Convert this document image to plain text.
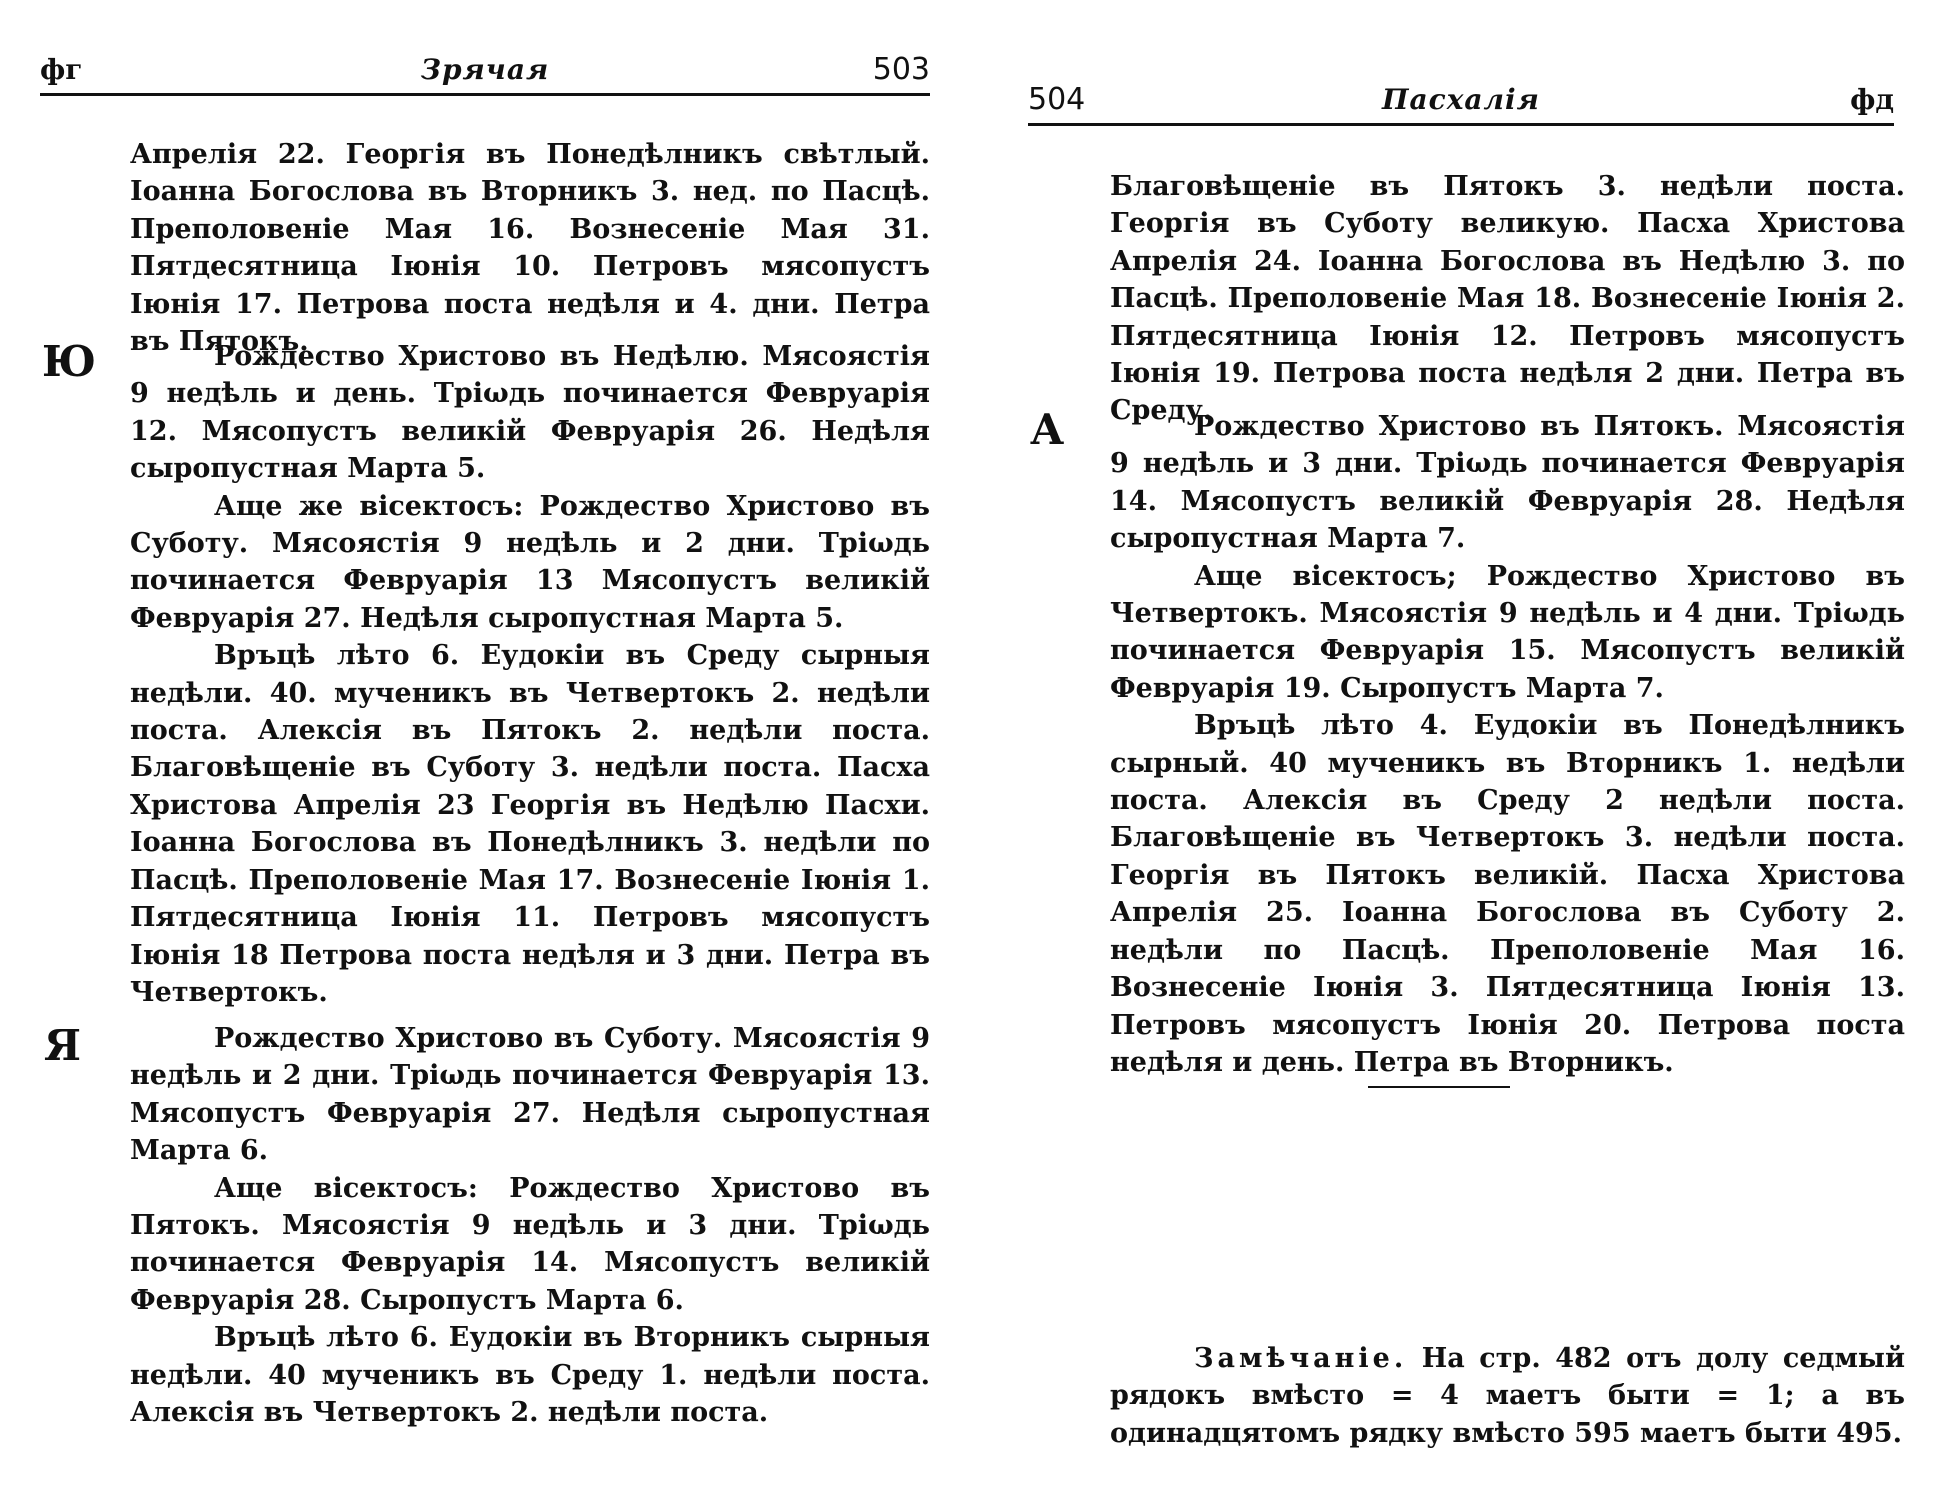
фг	Зрячая	503

Апрелія 22. Георгія въ Понедѣлникъ свѣтлый. Іоанна Богослова въ Вторникъ 3. нед. по Пасцѣ. Преполовеніе Мая 16. Вознесеніе Мая 31. Пятдесятница Іюнія 10. Петровъ мясопустъ Іюнія 17. Петрова поста недѣля и 4. дни. Петра въ Пятокъ.

Ю	Рождество Христово въ Недѣлю. Мясоястія 9 недѣль и день. Тріωдь починается Февруарія 12. Мясопустъ великій Февруарія 26. Недѣля сыропустная Марта 5.

Аще же вісектосъ: Рождество Христово въ Суботу. Мясоястія 9 недѣль и 2 дни. Тріωдь починается Февруарія 13 Мясопустъ великій Февруарія 27. Недѣля сыропустная Марта 5.

Връцѣ лѣто 6. Eудокіи въ Среду сырныя недѣли. 40. мученикъ въ Четвертокъ 2. недѣли поста. Алексія въ Пятокъ 2. недѣли поста. Благовѣщеніе въ Суботу 3. недѣли поста. Пасха Христова Апрелія 23 Георгія въ Недѣлю Пасхи. Іоанна Богослова въ Понедѣлникъ 3. недѣли по Пасцѣ. Преполовеніе Мая 17. Вознесеніе Іюнія 1. Пятдесятница Іюнія 11. Петровъ мясопустъ Іюнія 18 Петрова поста недѣля и 3 дни. Петра въ Четвертокъ.

Я	Рождество Христово въ Суботу. Мясоястія 9 недѣль и 2 дни. Тріωдь починается Февруарія 13. Мясопустъ Февруарія 27. Недѣля сыропустная Марта 6.

Аще вісектосъ: Рождество Христово въ Пятокъ. Мясоястія 9 недѣль и 3 дни. Тріωдь починается Февруарія 14. Мясопустъ великій Февруарія 28. Сыропустъ Марта 6.

Връцѣ лѣто 6. Eудокіи въ Вторникъ сырныя недѣли. 40 мученикъ въ Среду 1. недѣли поста. Алексія въ Четвертокъ 2. недѣли поста.

504	Пасхалія	фд

Благовѣщеніе въ Пятокъ 3. недѣли поста. Георгія въ Суботу великую. Пасха Христова Апрелія 24. Іоанна Богослова въ Недѣлю 3. по Пасцѣ. Преполовеніе Мая 18. Вознесеніе Іюнія 2. Пятдесятница Іюнія 12. Петровъ мясопустъ Іюнія 19. Петрова поста недѣля 2 дни. Петра въ Среду.

А	Рождество Христово въ Пятокъ. Мясоястія 9 недѣль и 3 дни. Тріωдь починается Февруарія 14. Мясопустъ великій Февруарія 28. Недѣля сыропустная Марта 7.

Аще вісектосъ; Рождество Христово въ Четвертокъ. Мясоястія 9 недѣль и 4 дни. Тріωдь починается Февруарія 15. Мясопустъ великій Февруарія 19. Сыропустъ Марта 7.

Връцѣ лѣто 4. Eудокіи въ Понедѣлникъ сырный. 40 мученикъ въ Вторникъ 1. недѣли поста. Алексія въ Среду 2 недѣли поста. Благовѣщеніе въ Четвертокъ 3. недѣли поста. Георгія въ Пятокъ великій. Пасха Христова Апрелія 25. Іоанна Богослова въ Суботу 2. недѣли по Пасцѣ. Преполовеніе Мая 16. Вознесеніе Іюнія 3. Пятдесятница Іюнія 13. Петровъ мясопустъ Іюнія 20. Петрова поста недѣля и день. Петра въ Вторникъ.

Замѣчаніе. На стр. 482 отъ долу седмый рядокъ вмѣсто = 4 маетъ быти = 1; а въ одинадцятомъ рядку вмѣсто 595 маетъ быти 495.
